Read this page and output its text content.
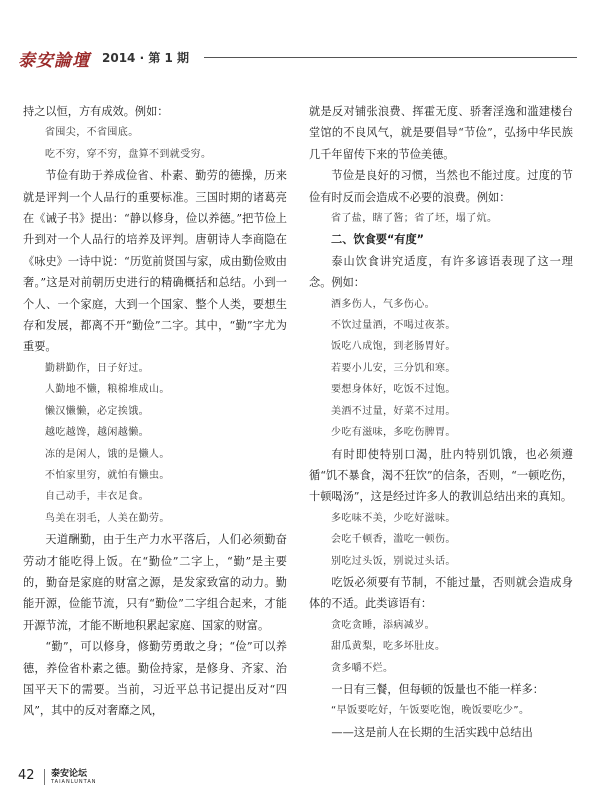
泰安論壇 2014 · 第 1 期

持之以恒，方有成效。例如：

省囤尖，不省囤底。
吃不穷，穿不穷，盘算不到就受穷。

节俭有助于养成俭省、朴素、勤劳的德操，历来就是评判一个人品行的重要标准。三国时期的诸葛亮在《诫子书》提出：“静以修身，俭以养德。”把节俭上升到对一个人品行的培养及评判。唐朝诗人李商隐在《咏史》一诗中说：“历览前贤国与家，成由勤俭败由奢。”这是对前朝历史进行的精确概括和总结。小到一个人、一个家庭，大到一个国家、整个人类，要想生存和发展，都离不开“勤俭”二字。其中，“勤”字尤为重要。

勤耕勤作，日子好过。
人勤地不懒，粮棉堆成山。
懒汉懒懒，必定挨饿。
越吃越馋，越闲越懒。
冻的是闲人，饿的是懒人。
不怕家里穷，就怕有懒虫。
自己动手，丰衣足食。
鸟美在羽毛，人美在勤劳。

天道酬勤，由于生产力水平落后，人们必须勤奋劳动才能吃得上饭。在“勤俭”二字上，“勤”是主要的，勤奋是家庭的财富之源，是发家致富的动力。勤能开源，俭能节流，只有“勤俭”二字组合起来，才能开源节流，才能不断地积累起家庭、国家的财富。

“勤”，可以修身，修勤劳勇敢之身；“俭”可以养德，养俭省朴素之德。勤俭持家，是修身、齐家、治国平天下的需要。当前，习近平总书记提出反对“四风”，其中的反对奢靡之风，

就是反对铺张浪费、挥霍无度、骄奢淫逸和滥建楼台堂馆的不良风气，就是要倡导“节俭”，弘扬中华民族几千年留传下来的节俭美德。

节俭是良好的习惯，当然也不能过度。过度的节俭有时反而会造成不必要的浪费。例如：

省了盐，瞎了酱；省了坯，塌了炕。
二、饮食要“有度”

泰山饮食讲究适度，有许多谚语表现了这一理念。例如：

酒多伤人，气多伤心。
不饮过量酒，不喝过夜茶。
饭吃八成饱，到老肠胃好。
若要小儿安，三分饥和寒。
要想身体好，吃饭不过饱。
美酒不过量，好菜不过用。
少吃有滋味，多吃伤脾胃。

有时即使特别口渴，肚内特别饥饿，也必须遵循“饥不暴食，渴不狂饮”的信条，否则，“一顿吃伤，十顿喝汤”，这是经过许多人的教训总结出来的真知。

多吃味不美，少吃好滋味。
会吃千顿香，滥吃一顿伤。
别吃过头饭，别说过头话。

吃饭必须要有节制，不能过量，否则就会造成身体的不适。此类谚语有：

贪吃贪睡，添病减岁。
甜瓜黄梨，吃多坏肚皮。
贪多嚼不烂。

一日有三餐，但每顿的饭量也不能一样多：

“早饭要吃好，午饭要吃饱，晚饭要吃少”。

——这是前人在长期的生活实践中总结出

42 泰安论坛
TAIANLUNTAN
